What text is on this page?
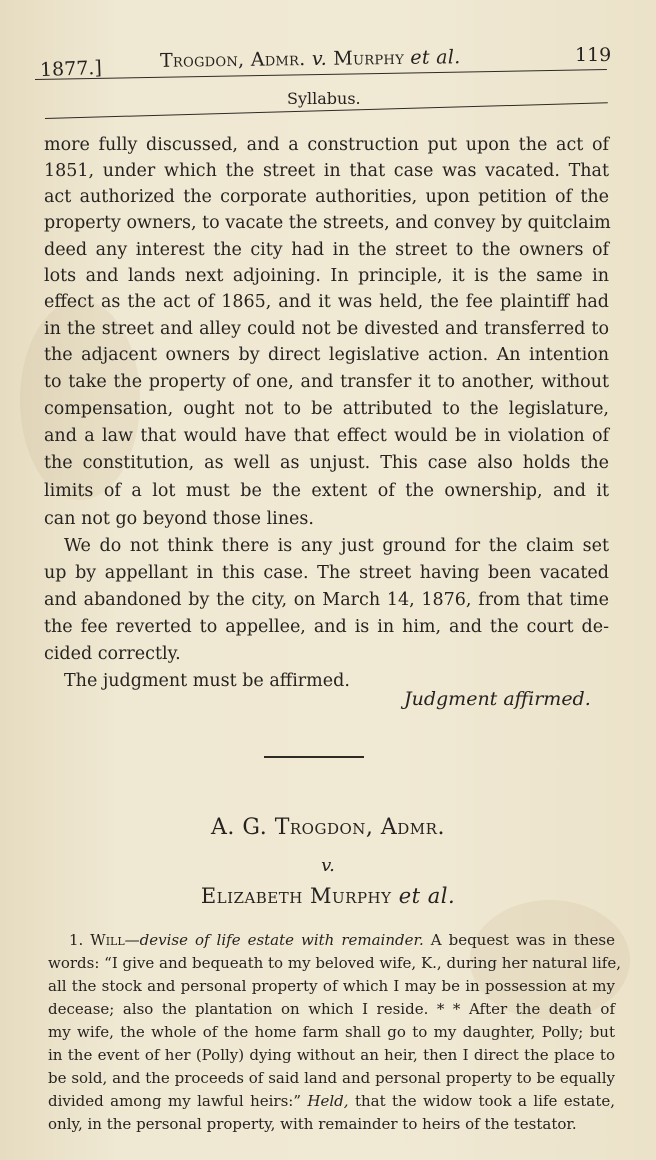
1877.]	Trogdon, Admr. v. Murphy et al.	119
Syllabus.
more fully discussed, and a construction put upon the act of
1851, under which the street in that case was vacated. That
act authorized the corporate authorities, upon petition of the
property owners, to vacate the streets, and convey by quitclaim
deed any interest the city had in the street to the owners of
lots and lands next adjoining. In principle, it is the same in
effect as the act of 1865, and it was held, the fee plaintiff had
in the street and alley could not be divested and transferred to
the adjacent owners by direct legislative action. An intention
to take the property of one, and transfer it to another, without
compensation, ought not to be attributed to the legislature,
and a law that would have that effect would be in violation of
the constitution, as well as unjust. This case also holds the
limits of a lot must be the extent of the ownership, and it
can not go beyond those lines.
We do not think there is any just ground for the claim set
up by appellant in this case. The street having been vacated
and abandoned by the city, on March 14, 1876, from that time
the fee reverted to appellee, and is in him, and the court de-
cided correctly.
The judgment must be affirmed.
Judgment affirmed.
A. G. Trogdon, Admr.
v.
Elizabeth Murphy et al.
1. Will—devise of life estate with remainder. A bequest was in these
words: “I give and bequeath to my beloved wife, K., during her natural life,
all the stock and personal property of which I may be in possession at my
decease; also the plantation on which I reside. * * After the death of
my wife, the whole of the home farm shall go to my daughter, Polly; but
in the event of her (Polly) dying without an heir, then I direct the place to
be sold, and the proceeds of said land and personal property to be equally
divided among my lawful heirs:” Held, that the widow took a life estate,
only, in the personal property, with remainder to heirs of the testator.
